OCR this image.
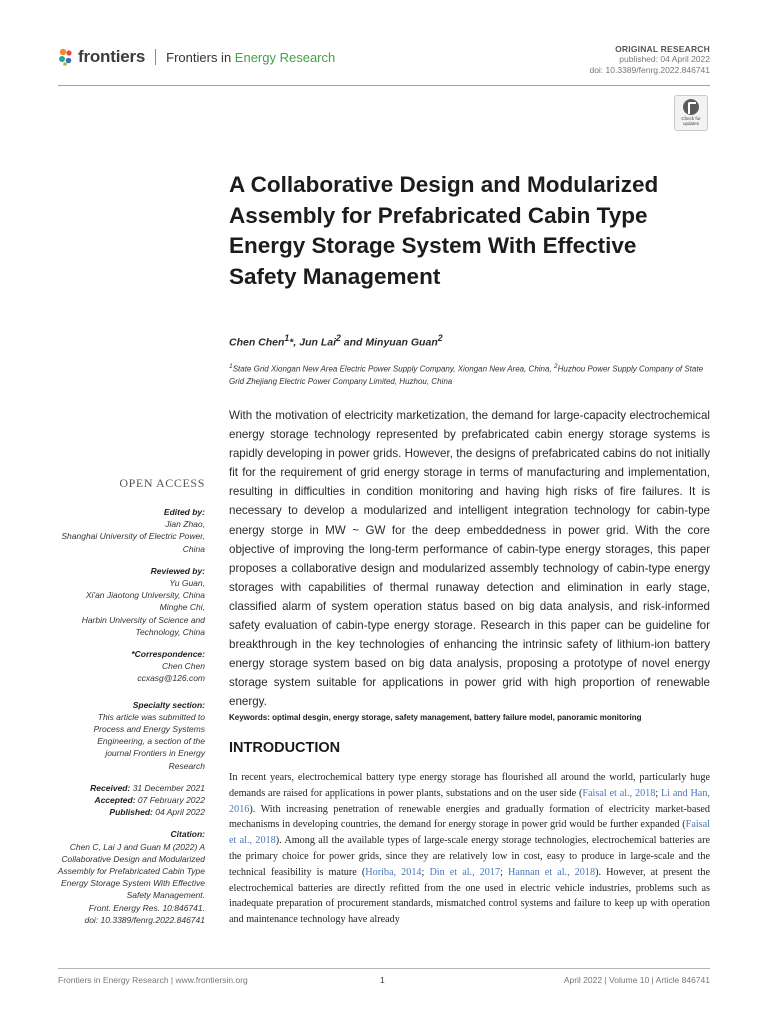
frontiers Frontiers in Energy Research
ORIGINAL RESEARCH
published: 04 April 2022
doi: 10.3389/fenrg.2022.846741
Check for
updates
A Collaborative Design and Modularized Assembly for Prefabricated Cabin Type Energy Storage System With Effective Safety Management
Chen Chen$^1$*, Jun Lai$^2$ and Minyuan Guan$^2$
$^1$State Grid Xiongan New Area Electric Power Supply Company, Xiongan New Area, China, $^2$Huzhou Power Supply Company of State Grid Zhejiang Electric Power Company Limited, Huzhou, China
With the motivation of electricity marketization, the demand for large-capacity electrochemical energy storage technology represented by prefabricated cabin energy storage systems is rapidly developing in power grids. However, the designs of prefabricated cabins do not initially fit for the requirement of grid energy storage in terms of manufacturing and implementation, resulting in difficulties in condition monitoring and having high risks of fire failures. It is necessary to develop a modularized and intelligent integration technology for cabin-type energy storge in MW ~ GW for the deep embeddedness in power grid. With the core objective of improving the long-term performance of cabin-type energy storages, this paper proposes a collaborative design and modularized assembly technology of cabin-type energy storages with capabilities of thermal runaway detection and elimination in early stage, classified alarm of system operation status based on big data analysis, and risk-informed safety evaluation of cabin-type energy storage. Research in this paper can be guideline for breakthrough in the key technologies of enhancing the intrinsic safety of lithium-ion battery energy storage system based on big data analysis, proposing a prototype of novel energy storage system suitable for applications in power grid with high proportion of renewable energy.
Keywords: optimal desgin, energy storage, safety management, battery failure model, panoramic monitoring
INTRODUCTION
In recent years, electrochemical battery type energy storage has flourished all around the world, particularly huge demands are raised for applications in power plants, substations and on the user side (Faisal et al., 2018; Li and Han, 2016). With increasing penetration of renewable energies and gradually formation of electricity market-based mechanisms in developing countries, the demand for energy storage in power grid would be further expanded (Faisal et al., 2018). Among all the available types of large-scale energy storage technologies, electrochemical batteries are the primary choice for power grids, since they are relatively low in cost, easy to produce in large-scale and the technical feasibility is mature (Horiba, 2014; Din et al., 2017; Hannan et al., 2018). However, at present the electrochemical batteries are directly refitted from the one used in electric vehicle industries, problems such as inadequate preparation of procurement standards, mismatched control systems and failure to keep up with operation and maintenance technology have already
OPEN ACCESS
Edited by:
Jian Zhao,
Shanghai University of Electric Power, China
Reviewed by:
Yu Guan,
Xi'an Jiaotong University, China
Minghe Chi,
Harbin University of Science and Technology, China
*Correspondence:
Chen Chen
ccxasg@126.com
Specialty section:
This article was submitted to Process and Energy Systems Engineering, a section of the journal Frontiers in Energy Research
Received: 31 December 2021
Accepted: 07 February 2022
Published: 04 April 2022
Citation:
Chen C, Lai J and Guan M (2022) A Collaborative Design and Modularized Assembly for Prefabricated Cabin Type Energy Storage System With Effective Safety Management.
Front. Energy Res. 10:846741.
doi: 10.3389/fenrg.2022.846741
Frontiers in Energy Research | www.frontiersin.org	1	April 2022 | Volume 10 | Article 846741
